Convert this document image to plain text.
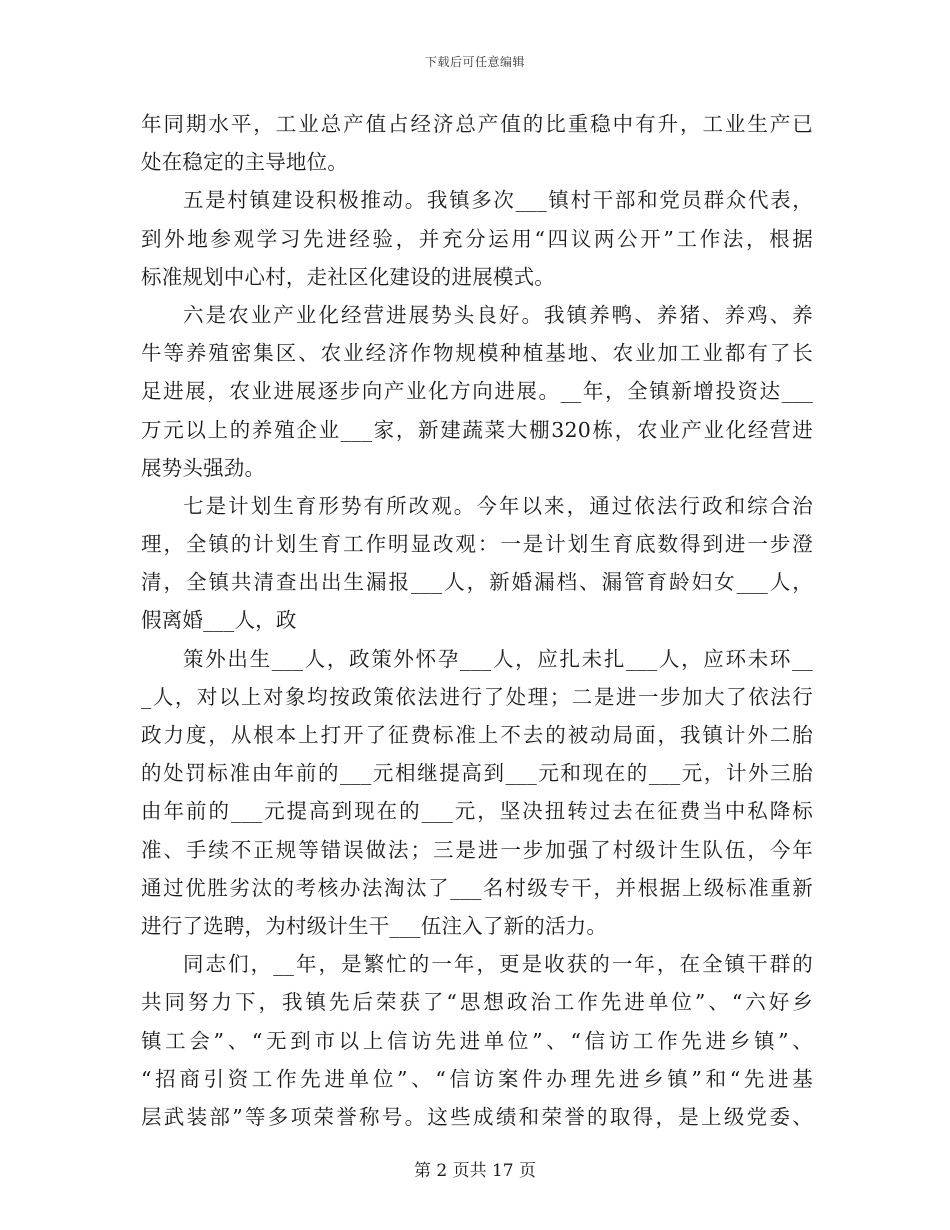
下载后可任意编辑
年同期水平，工业总产值占经济总产值的比重稳中有升，工业生产已
处在稳定的主导地位。
五是村镇建设积极推动。我镇多次___镇村干部和党员群众代表，
到外地参观学习先进经验，并充分运用“四议两公开”工作法，根据
标准规划中心村，走社区化建设的进展模式。
六是农业产业化经营进展势头良好。我镇养鸭、养猪、养鸡、养
牛等养殖密集区、农业经济作物规模种植基地、农业加工业都有了长
足进展，农业进展逐步向产业化方向进展。__年，全镇新增投资达___
万元以上的养殖企业___家，新建蔬菜大棚320栋，农业产业化经营进
展势头强劲。
七是计划生育形势有所改观。今年以来，通过依法行政和综合治
理，全镇的计划生育工作明显改观：一是计划生育底数得到进一步澄
清，全镇共清查出出生漏报___人，新婚漏档、漏管育龄妇女___人，
假离婚___人，政
策外出生___人，政策外怀孕___人，应扎未扎___人，应环未环__
_人，对以上对象均按政策依法进行了处理；二是进一步加大了依法行
政力度，从根本上打开了征费标准上不去的被动局面，我镇计外二胎
的处罚标准由年前的___元相继提高到___元和现在的___元，计外三胎
由年前的___元提高到现在的___元，坚决扭转过去在征费当中私降标
准、手续不正规等错误做法；三是进一步加强了村级计生队伍，今年
通过优胜劣汰的考核办法淘汰了___名村级专干，并根据上级标准重新
进行了选聘，为村级计生干___伍注入了新的活力。
同志们，__年，是繁忙的一年，更是收获的一年，在全镇干群的
共同努力下，我镇先后荣获了“思想政治工作先进单位”、“六好乡
镇工会”、“无到市以上信访先进单位”、“信访工作先进乡镇”、
“招商引资工作先进单位”、“信访案件办理先进乡镇”和“先进基
层武装部”等多项荣誉称号。这些成绩和荣誉的取得，是上级党委、
第 2 页共 17 页
